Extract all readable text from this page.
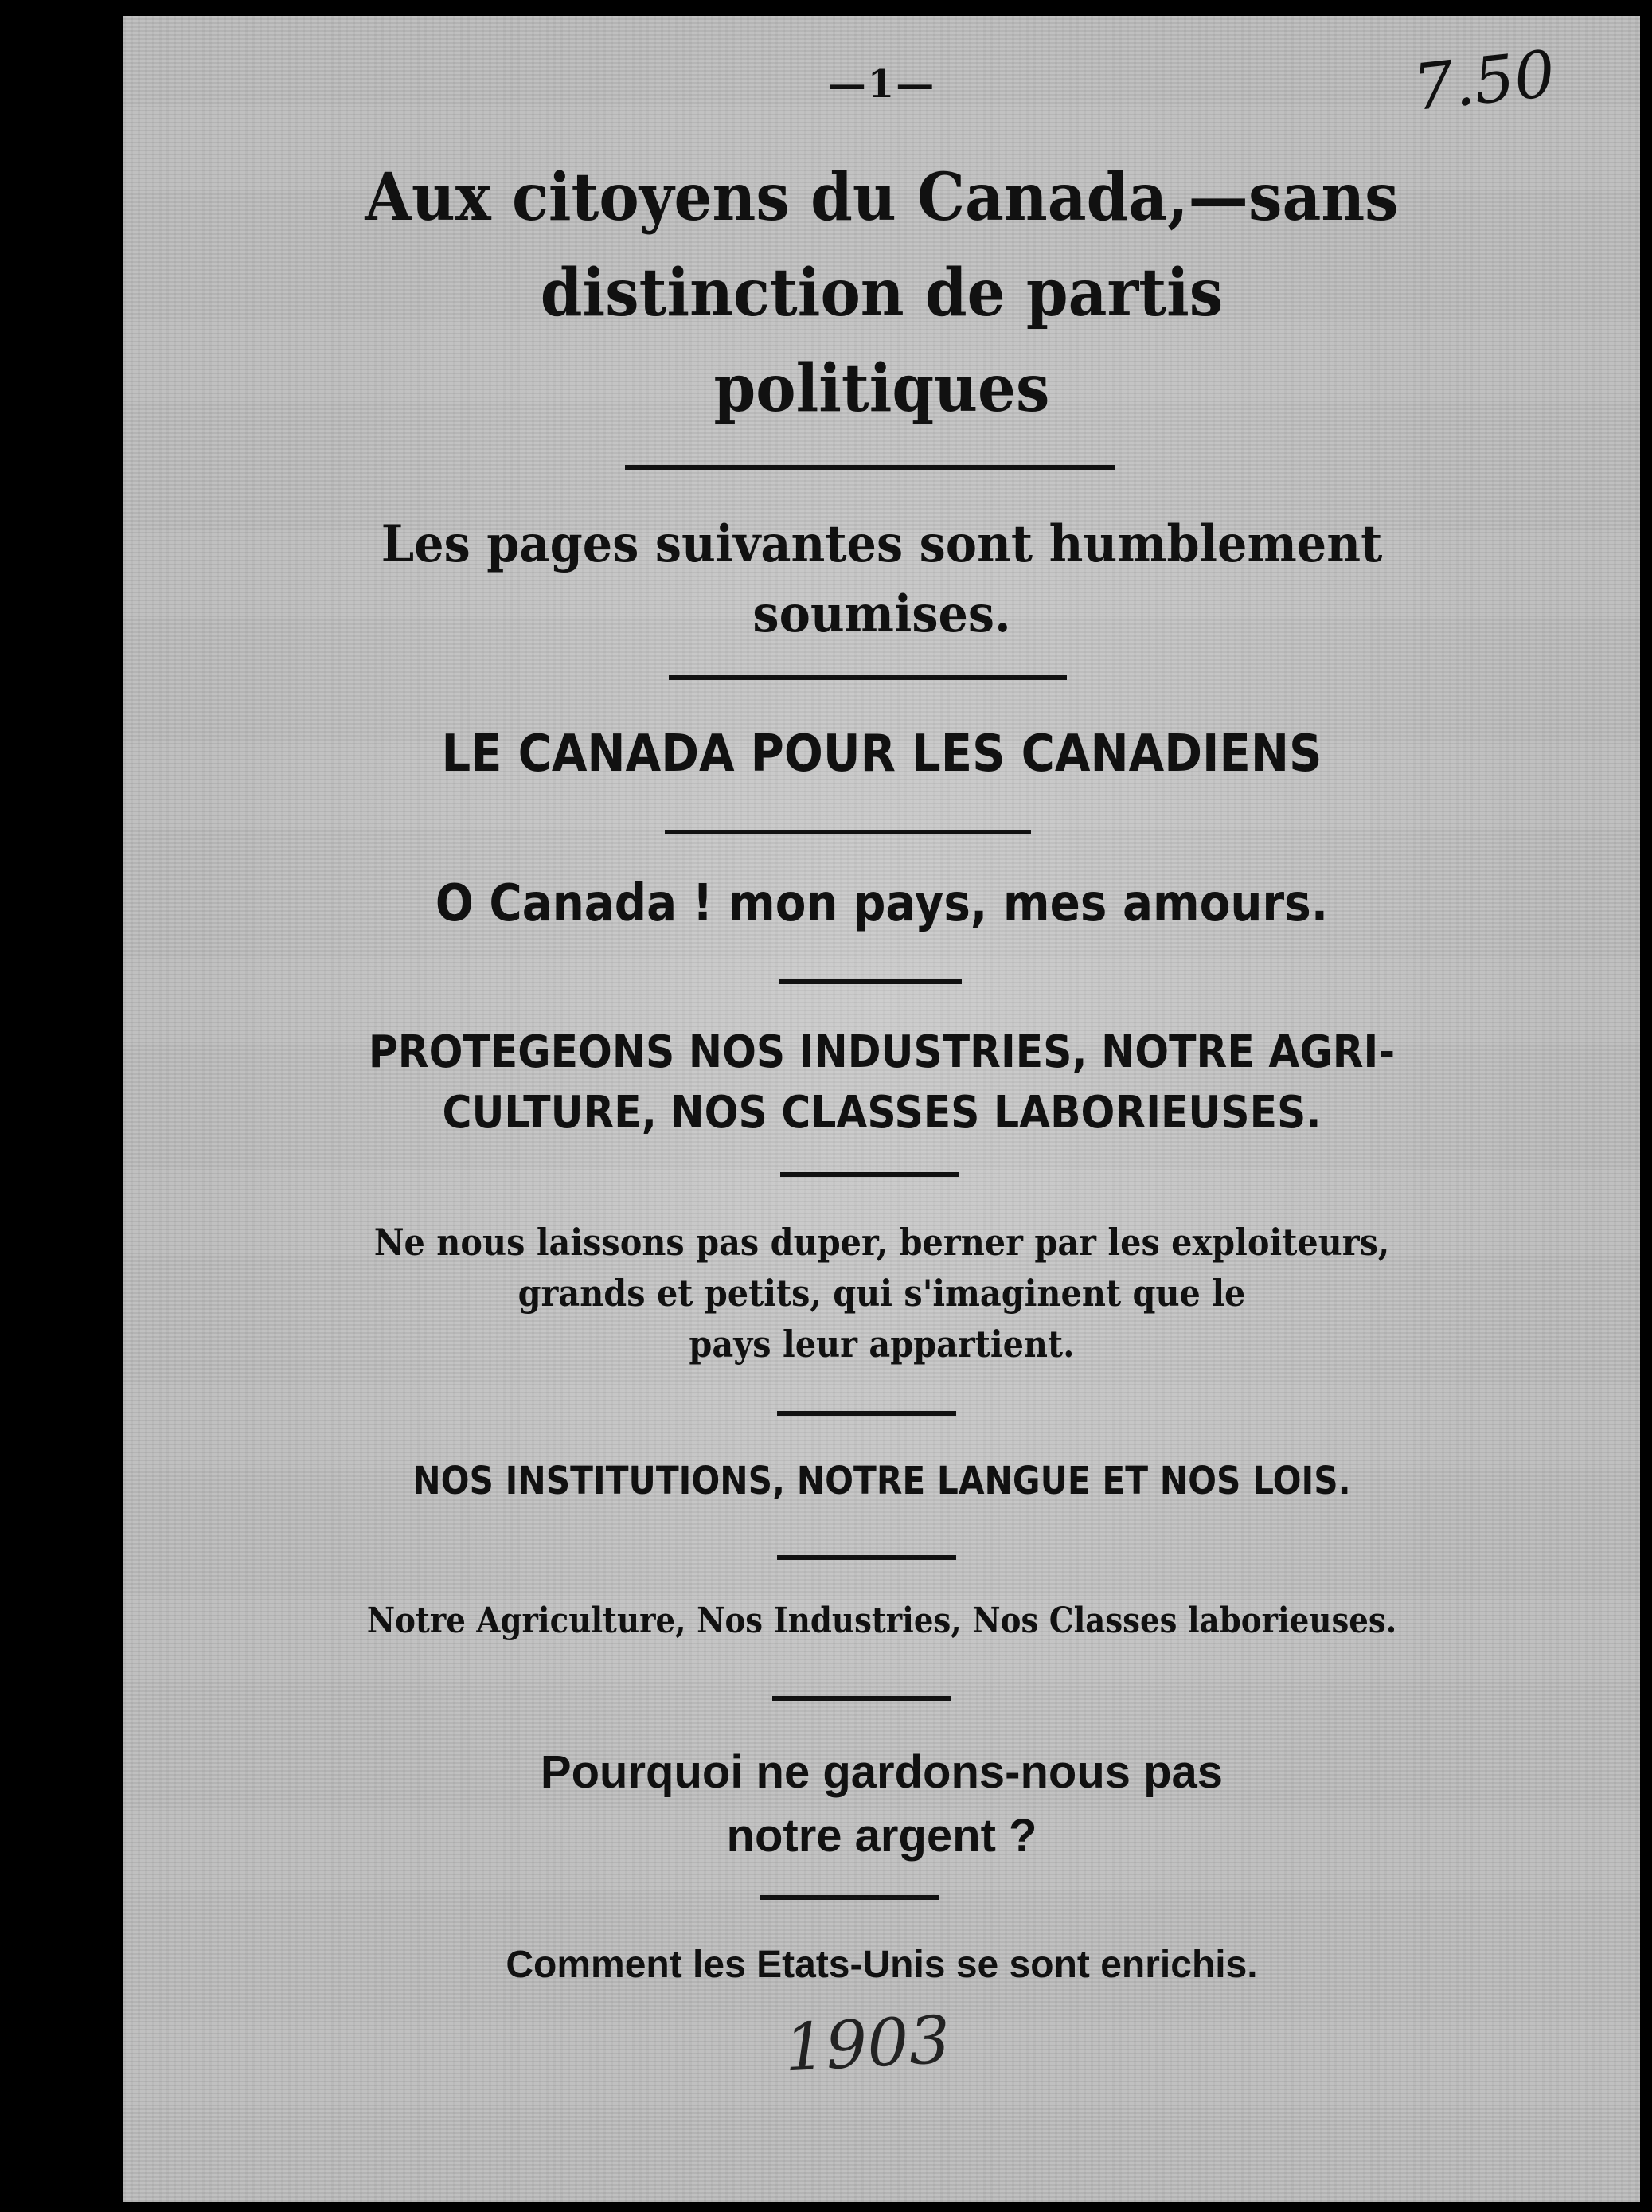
7.50

—1—

Aux citoyens du Canada,—sans
distinction de partis
politiques
Les pages suivantes sont humblement
soumises.

LE CANADA POUR LES CANADIENS

O Canada ! mon pays, mes amours.

PROTEGEONS NOS INDUSTRIES, NOTRE AGRI-
CULTURE, NOS CLASSES LABORIEUSES.
Ne nous laissons pas duper, berner par les exploiteurs,
grands et petits, qui s'imaginent que le
pays leur appartient.

NOS INSTITUTIONS, NOTRE LANGUE ET NOS LOIS.

Notre Agriculture, Nos Industries, Nos Classes laborieuses.

Pourquoi ne gardons-nous pas
notre argent ?

Comment les Etats-Unis se sont enrichis.

1903
